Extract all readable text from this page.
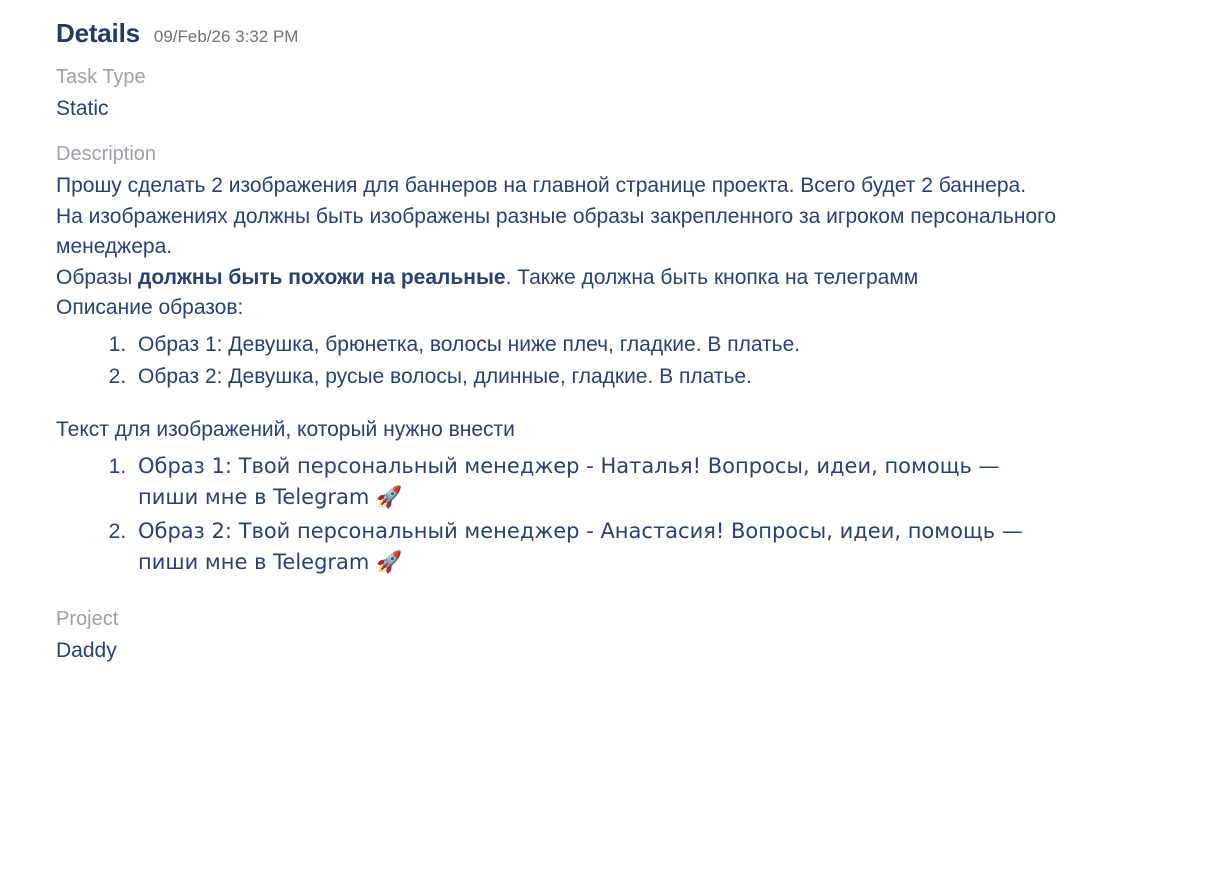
Details 09/Feb/26 3:32 PM
Task Type
Static
Description

Прошу сделать 2 изображения для баннеров на главной странице проекта. Всего будет 2 баннера.

На изображениях должны быть изображены разные образы закрепленного за игроком персонального менеджера.

Образы должны быть похожи на реальные. Также должна быть кнопка на телеграмм

Описание образов:

1. Образ 1: Девушка, брюнетка, волосы ниже плеч, гладкие. В платье.
2. Образ 2: Девушка, русые волосы, длинные, гладкие. В платье.

Текст для изображений, который нужно внести

1. Образ 1: Твой персональный менеджер - Наталья! Вопросы, идеи, помощь — пиши мне в Telegram 🚀
2. Образ 2: Твой персональный менеджер - Анастасия! Вопросы, идеи, помощь — пиши мне в Telegram 🚀
Project
Daddy
